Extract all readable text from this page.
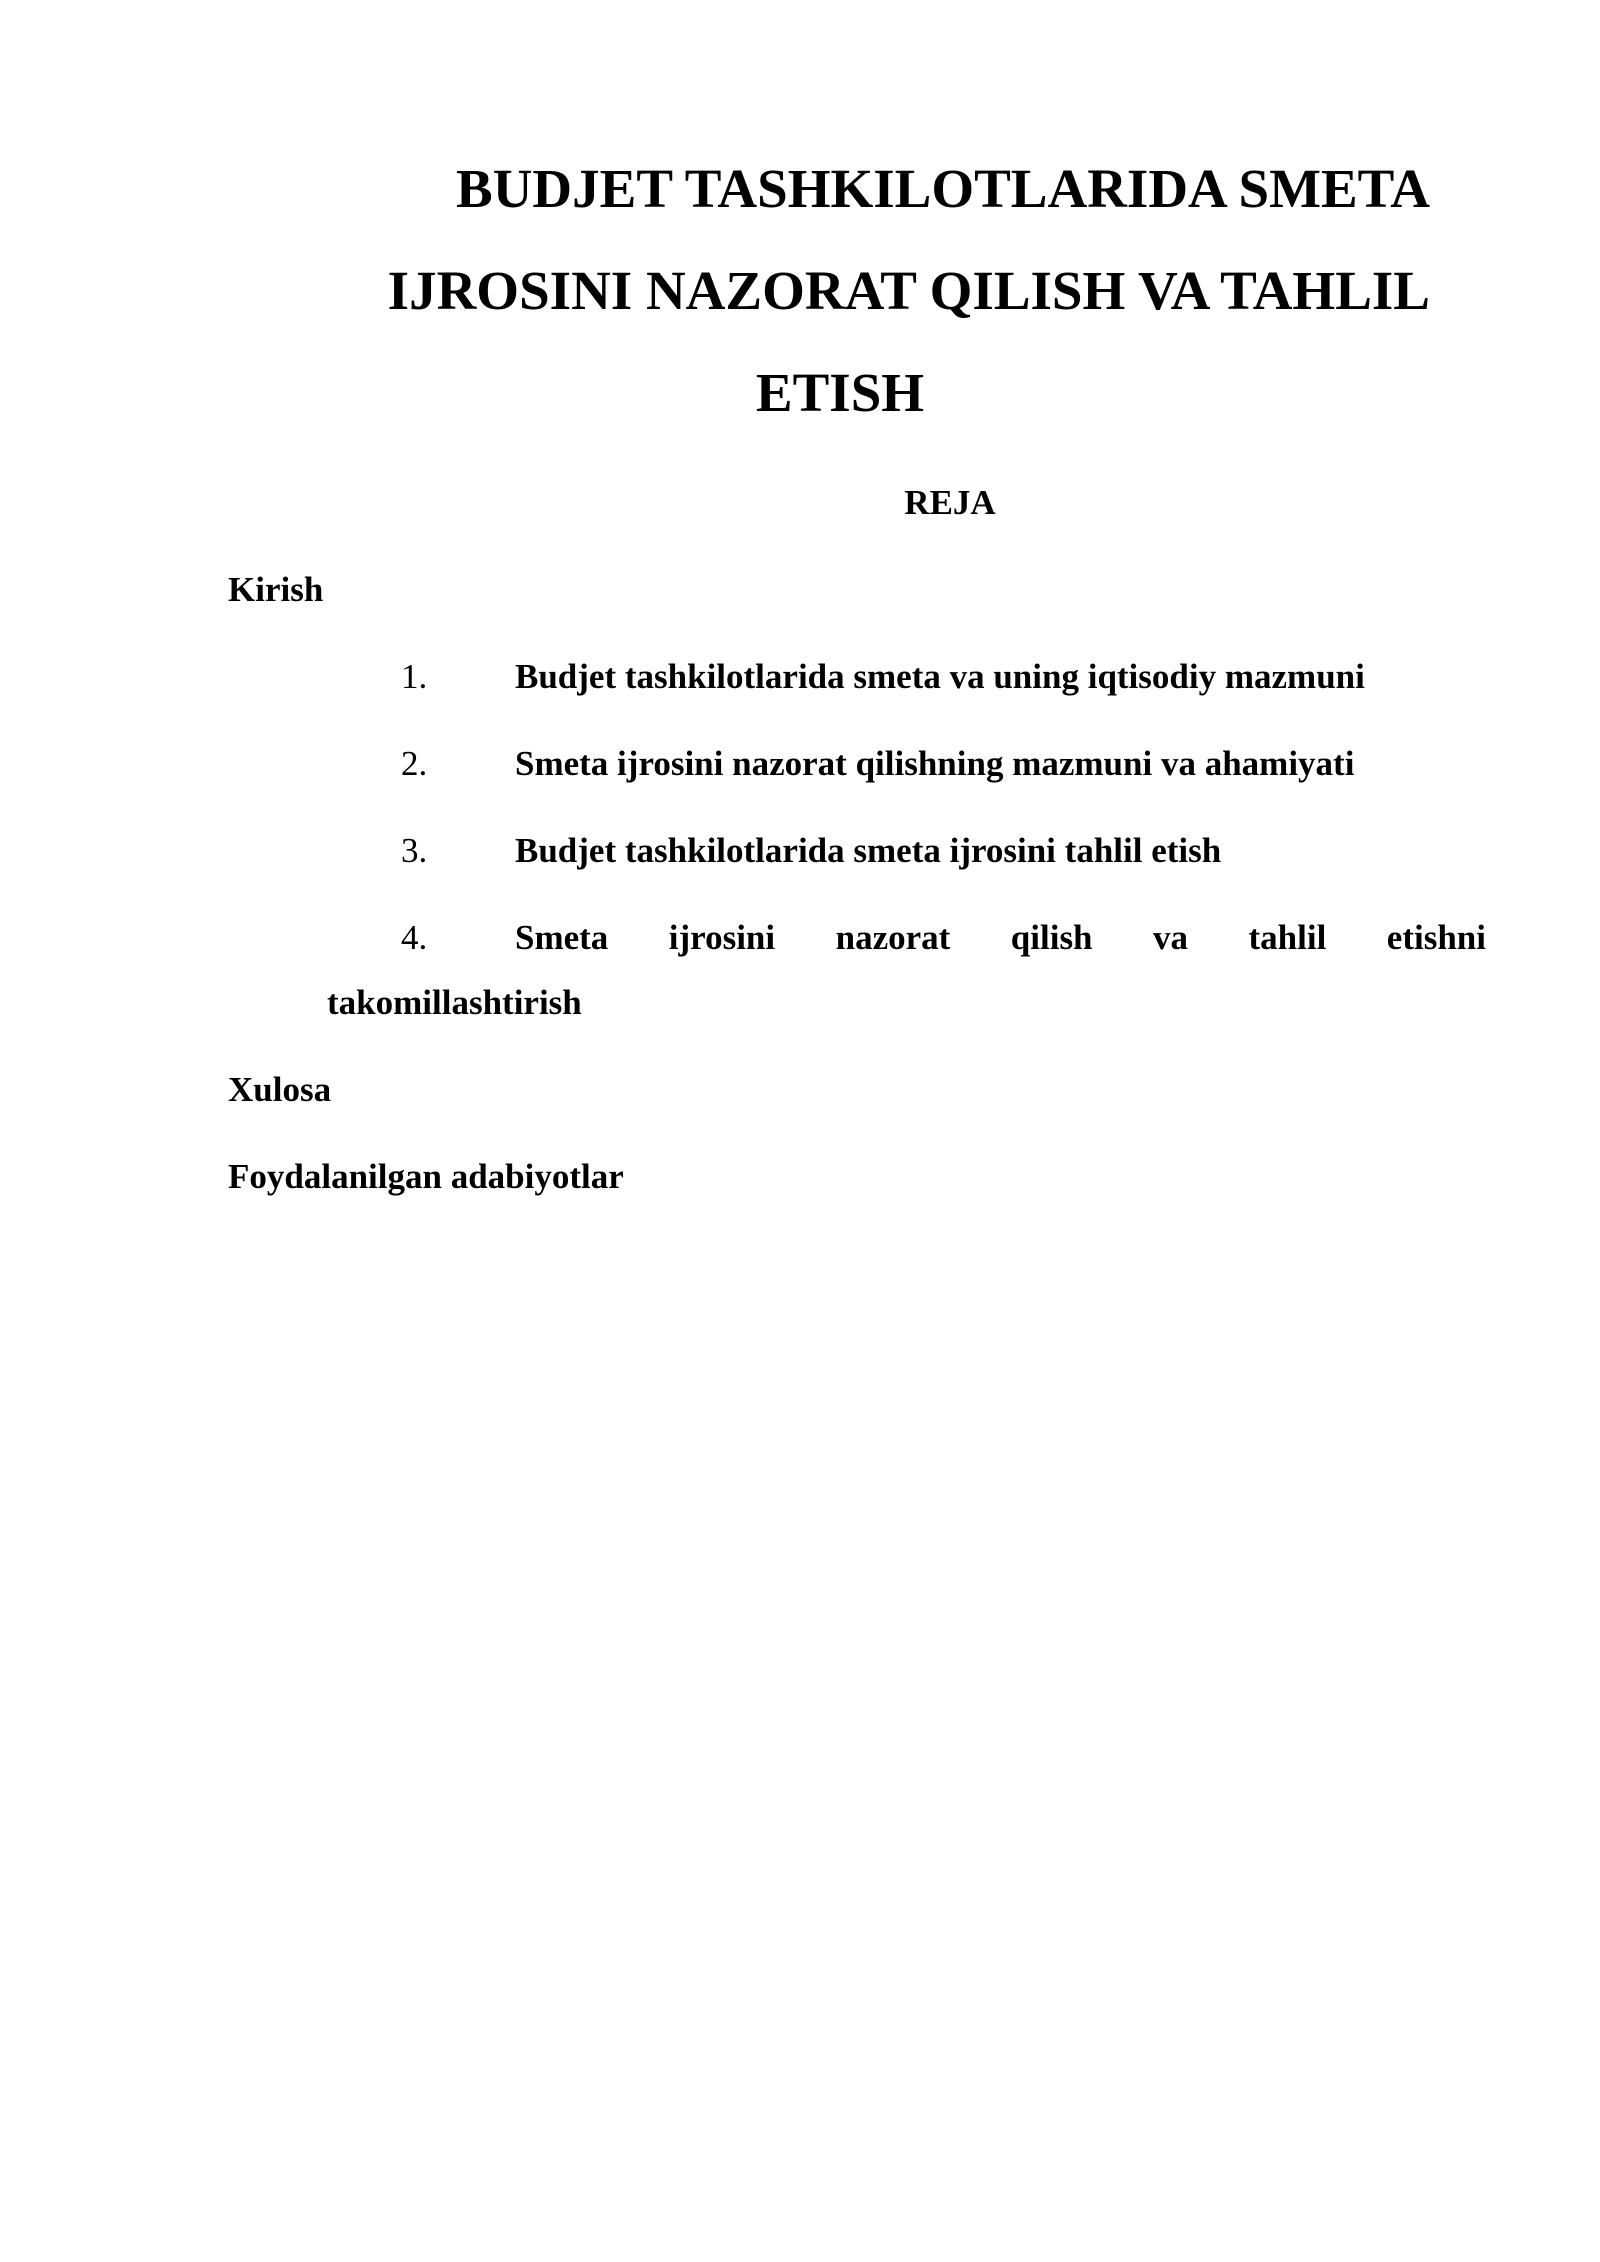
BUDJET TASHKILOTLARIDA SMETA
IJROSINI NAZORAT QILISH VA TAHLIL
ETISH
REJA
Kirish
1.	Budjet tashkilotlarida smeta va uning iqtisodiy mazmuni
2.	Smeta ijrosini nazorat qilishning mazmuni va ahamiyati
3.	Budjet tashkilotlarida smeta ijrosini tahlil etish
4.	Smeta ijrosini nazorat qilish va tahlil etishni
takomillashtirish
Xulosa
Foydalanilgan adabiyotlar
